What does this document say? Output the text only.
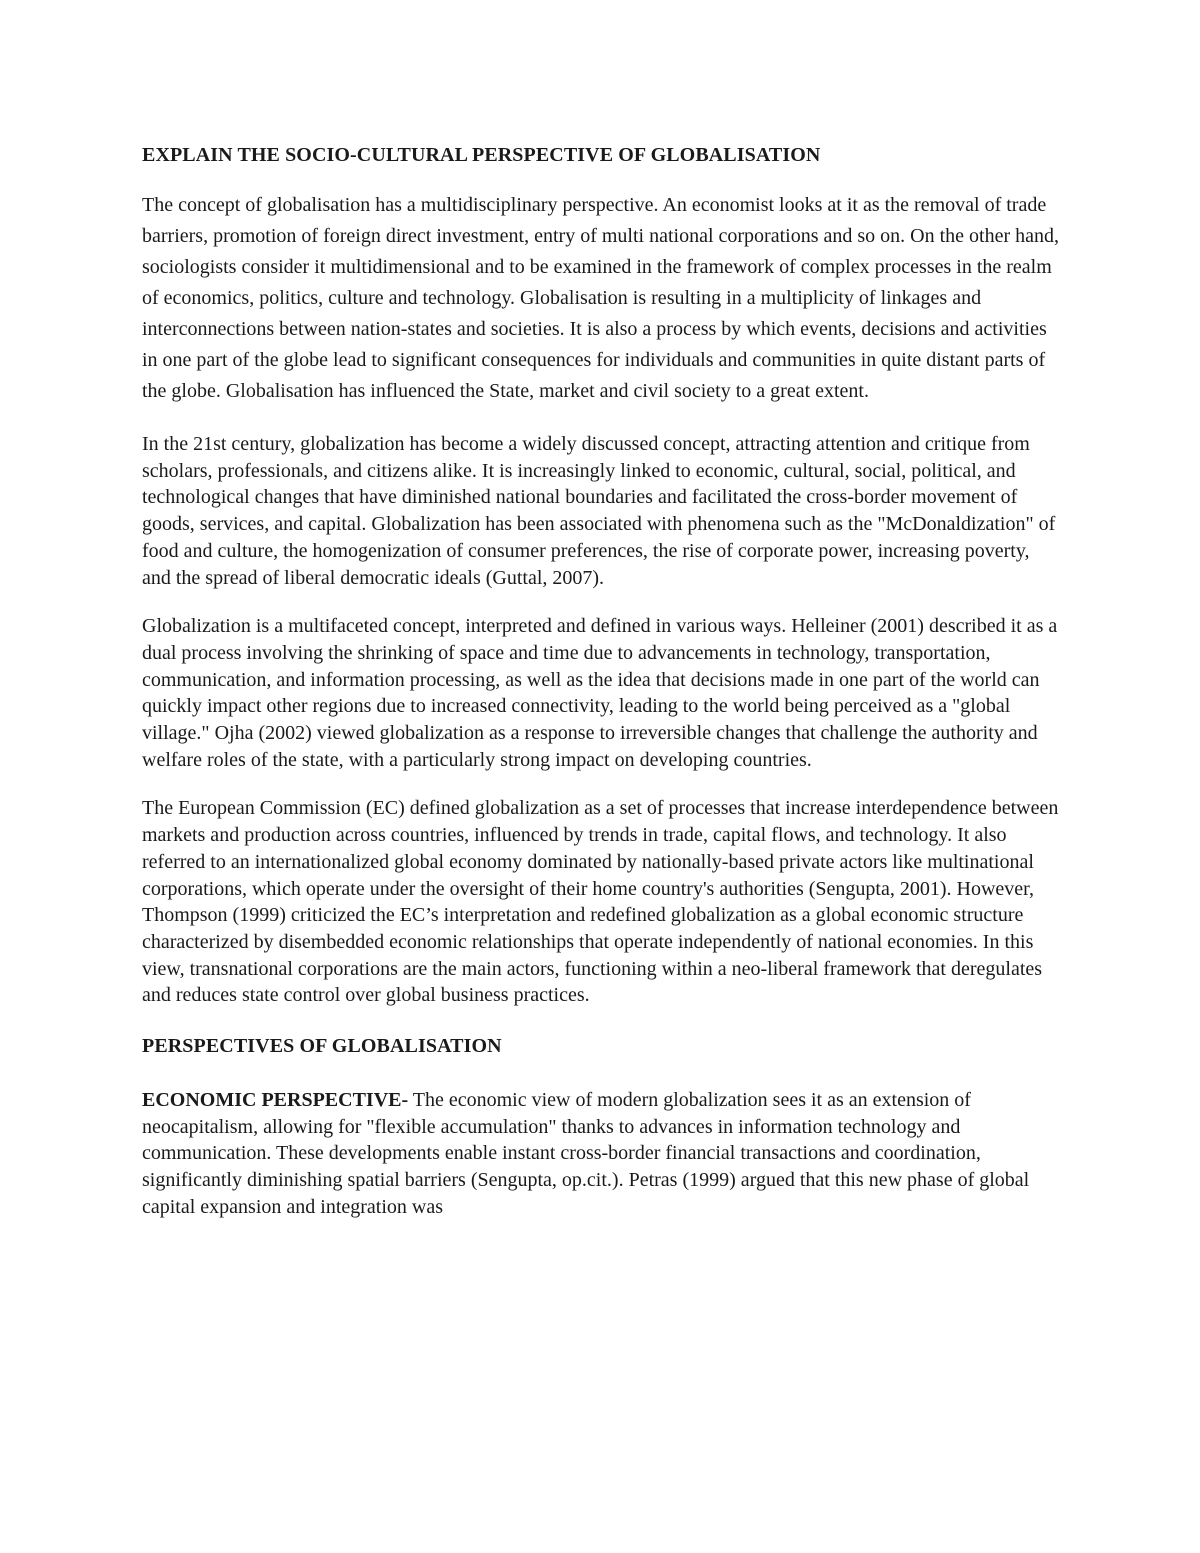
EXPLAIN THE SOCIO-CULTURAL PERSPECTIVE OF GLOBALISATION

The concept of globalisation has a multidisciplinary perspective. An economist looks at it as the removal of trade barriers, promotion of foreign direct investment, entry of multi national corporations and so on. On the other hand, sociologists consider it multidimensional and to be examined in the framework of complex processes in the realm of economics, politics, culture and technology. Globalisation is resulting in a multiplicity of linkages and interconnections between nation-states and societies. It is also a process by which events, decisions and activities in one part of the globe lead to significant consequences for individuals and communities in quite distant parts of the globe. Globalisation has influenced the State, market and civil society to a great extent.

In the 21st century, globalization has become a widely discussed concept, attracting attention and critique from scholars, professionals, and citizens alike. It is increasingly linked to economic, cultural, social, political, and technological changes that have diminished national boundaries and facilitated the cross-border movement of goods, services, and capital. Globalization has been associated with phenomena such as the "McDonaldization" of food and culture, the homogenization of consumer preferences, the rise of corporate power, increasing poverty, and the spread of liberal democratic ideals (Guttal, 2007).

Globalization is a multifaceted concept, interpreted and defined in various ways. Helleiner (2001) described it as a dual process involving the shrinking of space and time due to advancements in technology, transportation, communication, and information processing, as well as the idea that decisions made in one part of the world can quickly impact other regions due to increased connectivity, leading to the world being perceived as a "global village." Ojha (2002) viewed globalization as a response to irreversible changes that challenge the authority and welfare roles of the state, with a particularly strong impact on developing countries.

The European Commission (EC) defined globalization as a set of processes that increase interdependence between markets and production across countries, influenced by trends in trade, capital flows, and technology. It also referred to an internationalized global economy dominated by nationally-based private actors like multinational corporations, which operate under the oversight of their home country's authorities (Sengupta, 2001). However, Thompson (1999) criticized the EC’s interpretation and redefined globalization as a global economic structure characterized by disembedded economic relationships that operate independently of national economies. In this view, transnational corporations are the main actors, functioning within a neo-liberal framework that deregulates and reduces state control over global business practices.

PERSPECTIVES OF GLOBALISATION

ECONOMIC PERSPECTIVE- The economic view of modern globalization sees it as an extension of neocapitalism, allowing for "flexible accumulation" thanks to advances in information technology and communication. These developments enable instant cross-border financial transactions and coordination, significantly diminishing spatial barriers (Sengupta, op.cit.). Petras (1999) argued that this new phase of global capital expansion and integration was
